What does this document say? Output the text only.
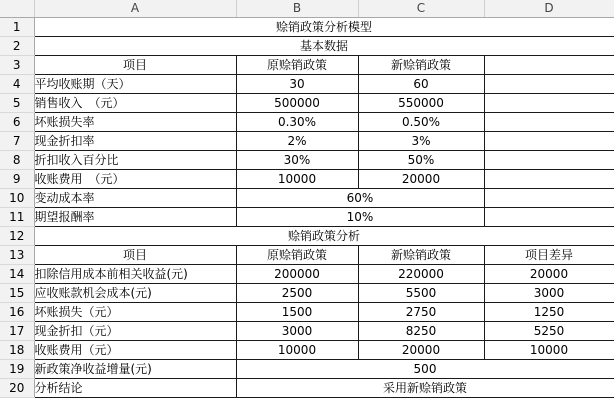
	A	B	C	D
1	赊销政策分析模型			
2	基本数据			
3	项目	原赊销政策	新赊销政策	
4	平均收账期（天）	30	60	
5	销售收入　（元）	500000	550000	
6	坏账损失率	0.30%	0.50%	
7	现金折扣率	2%	3%	
8	折扣收入百分比	30%	50%	
9	收账费用　（元）	10000	20000	
10	变动成本率	60%		
11	期望报酬率	10%		
12	赊销政策分析			
13	项目	原赊销政策	新赊销政策	项目差异
14	扣除信用成本前相关收益(元)	200000	220000	20000
15	应收账款机会成本(元)	2500	5500	3000
16	坏账损失（元）	1500	2750	1250
17	现金折扣（元）	3000	8250	5250
18	收账费用（元）	10000	20000	10000
19	新政策净收益增量(元)	500		
20	分析结论	采用新赊销政策		
